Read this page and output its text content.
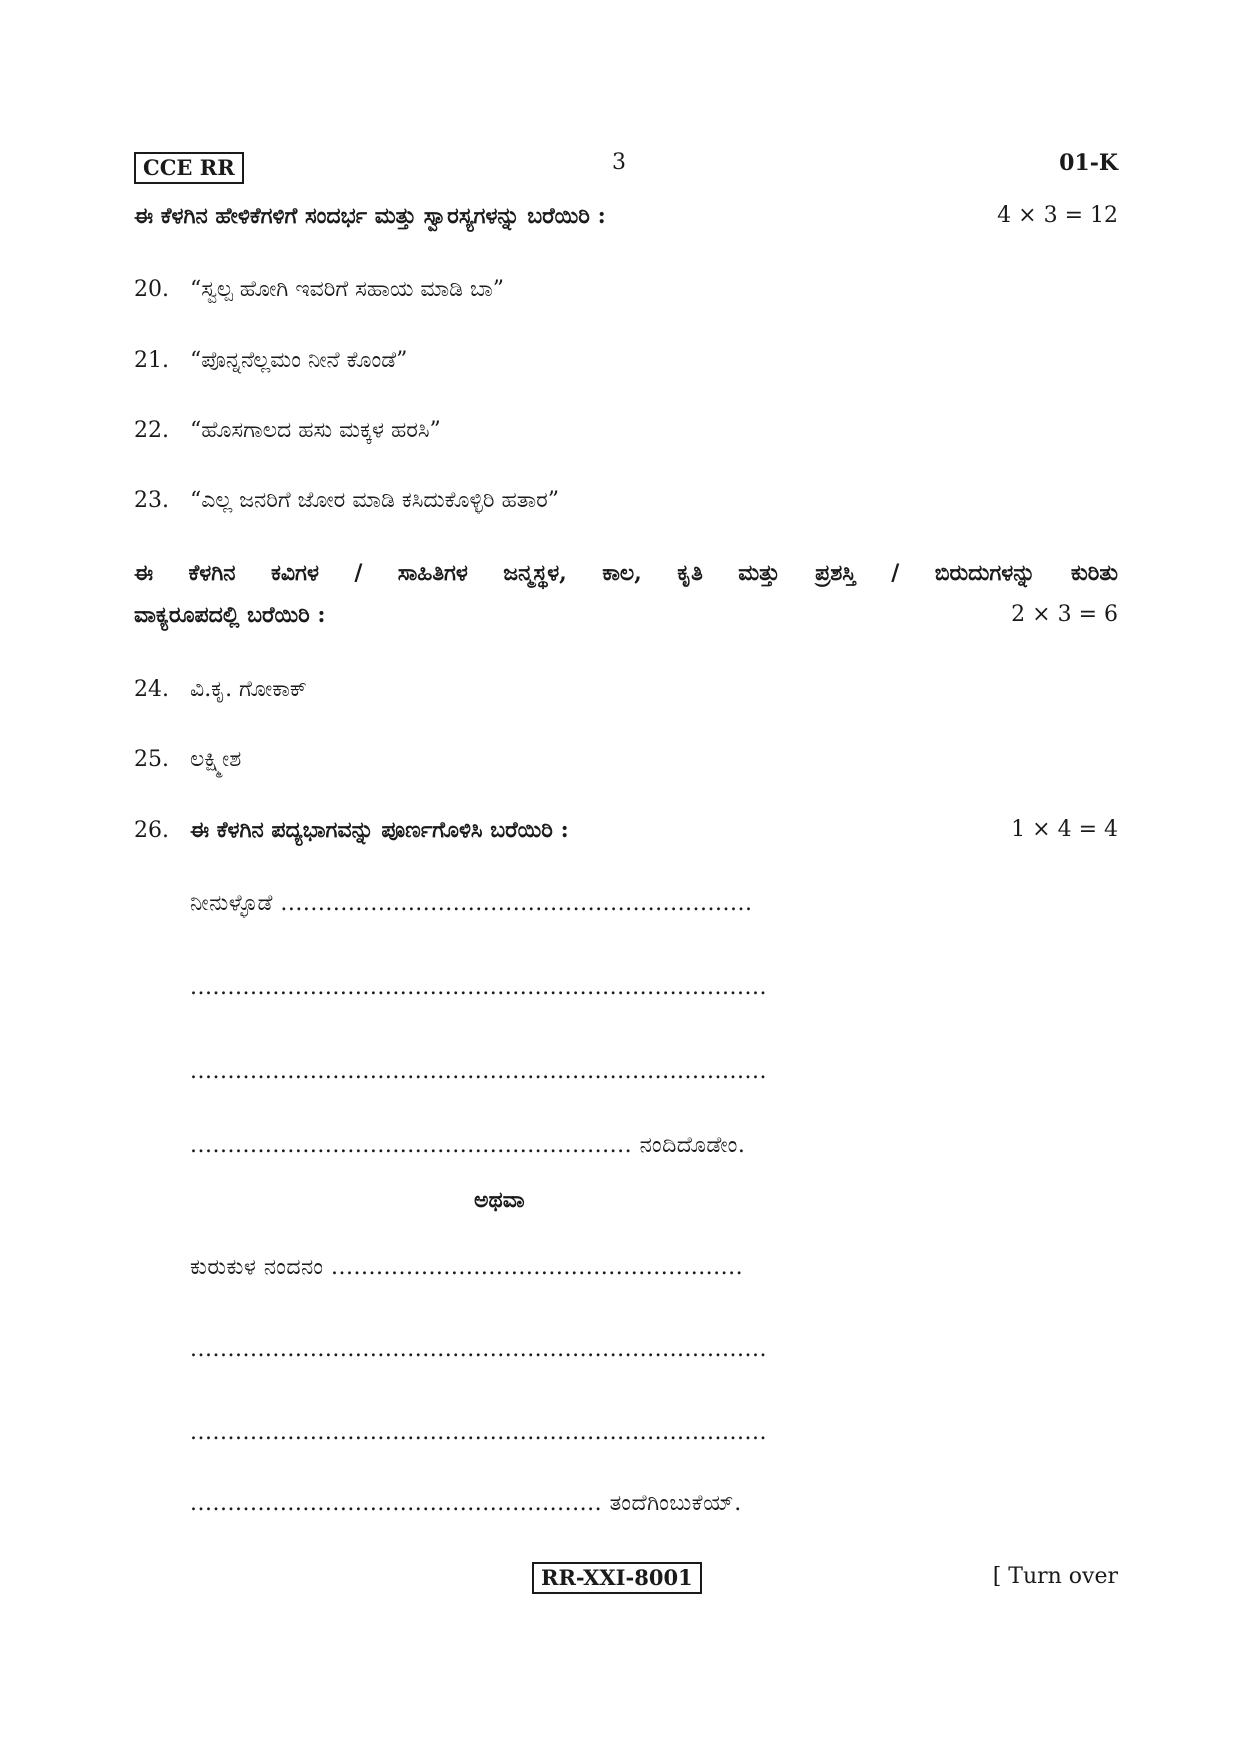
CCE RR	3	01-K
ಈ ಕೆಳಗಿನ ಹೇಳಿಕೆಗಳಿಗೆ ಸಂದರ್ಭ ಮತ್ತು ಸ್ವಾರಸ್ಯಗಳನ್ನು ಬರೆಯಿರಿ :	4 × 3 = 12
20. “ಸ್ವಲ್ಪ ಹೋಗಿ ಇವರಿಗೆ ಸಹಾಯ ಮಾಡಿ ಬಾ”
21. “ಪೊನ್ನನೆಲ್ಲಮಂ ನೀನೆ ಕೊಂಡೆ”
22. “ಹೊಸಗಾಲದ ಹಸು ಮಕ್ಕಳ ಹರಸಿ”
23. “ಎಲ್ಲ ಜನರಿಗೆ ಜೋರ ಮಾಡಿ ಕಸಿದುಕೊಳ್ಳಿರಿ ಹತಾರ”
ಈ ಕೆಳಗಿನ ಕವಿಗಳ / ಸಾಹಿತಿಗಳ ಜನ್ಮಸ್ಥಳ, ಕಾಲ, ಕೃತಿ ಮತ್ತು ಪ್ರಶಸ್ತಿ / ಬಿರುದುಗಳನ್ನು ಕುರಿತು
ವಾಕ್ಯರೂಪದಲ್ಲಿ ಬರೆಯಿರಿ :	2 × 3 = 6
24. ವಿ.ಕೃ. ಗೋಕಾಕ್
25. ಲಕ್ಷ್ಮೀಶ
26. ಈ ಕೆಳಗಿನ ಪದ್ಯಭಾಗವನ್ನು ಪೂರ್ಣಗೊಳಿಸಿ ಬರೆಯಿರಿ :	1 × 4 = 4
ನೀನುಳ್ಳೊಡೆ ...............................................................
.............................................................................
.............................................................................
........................................................... ನಂದಿದೊಡೇಂ.
ಅಥವಾ
ಕುರುಕುಳ ನಂದನಂ .......................................................
.............................................................................
.............................................................................
....................................................... ತಂದೆಗಿಂಬುಕೆಯ್.
RR-XXI-8001	[ Turn over
